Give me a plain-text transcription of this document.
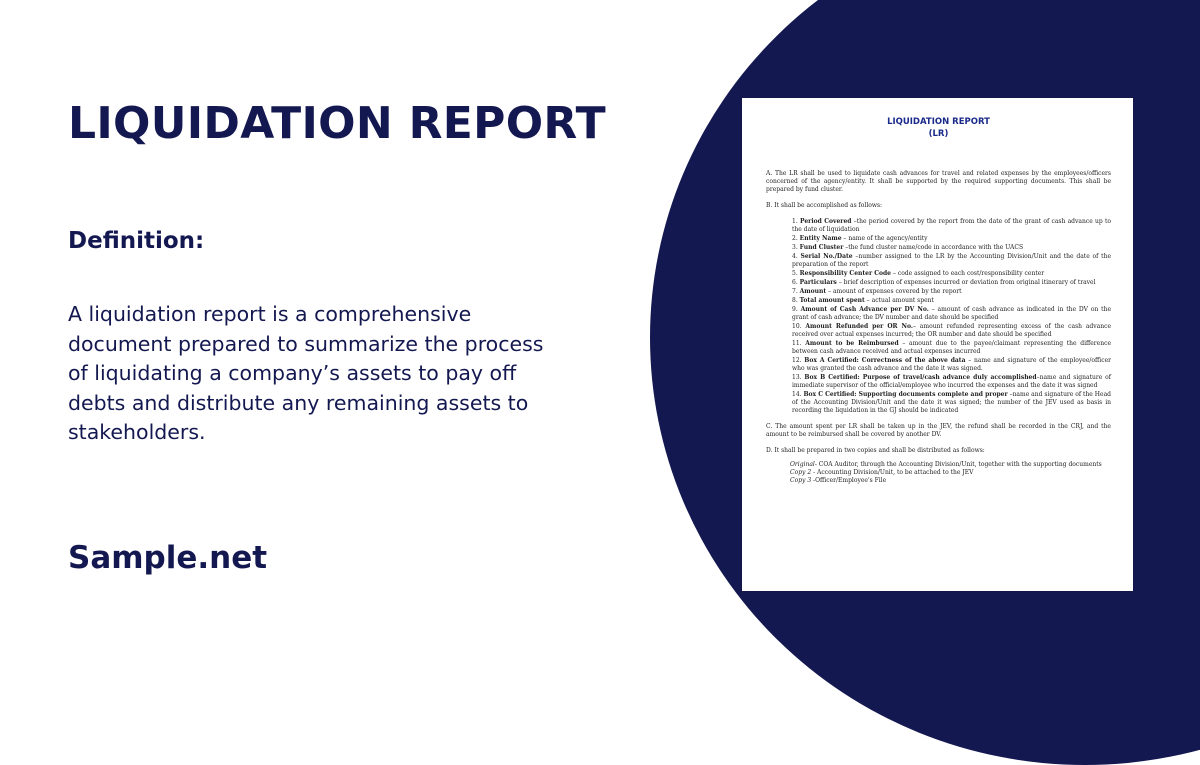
LIQUIDATION REPORT
Definition:

A liquidation report is a comprehensive document prepared to summarize the process of liquidating a company’s assets to pay off debts and distribute any remaining assets to stakeholders.

Sample.net
LIQUIDATION REPORT
(LR)

A. The LR shall be used to liquidate cash advances for travel and related expenses by the employees/officers concerned of the agency/entity. It shall be supported by the required supporting documents. This shall be prepared by fund cluster.

B. It shall be accomplished as follows:

1. Period Covered –the period covered by the report from the date of the grant of cash advance up to the date of liquidation
2. Entity Name – name of the agency/entity
3. Fund Cluster –the fund cluster name/code in accordance with the UACS
4. Serial No./Date –number assigned to the LR by the Accounting Division/Unit and the date of the preparation of the report
5. Responsibility Center Code – code assigned to each cost/responsibility center
6. Particulars – brief description of expenses incurred or deviation from original itinerary of travel
7. Amount – amount of expenses covered by the report
8. Total amount spent – actual amount spent
9. Amount of Cash Advance per DV No. – amount of cash advance as indicated in the DV on the grant of cash advance; the DV number and date should be specified
10. Amount Refunded per OR No.– amount refunded representing excess of the cash advance received over actual expenses incurred; the OR number and date should be specified
11. Amount to be Reimbursed – amount due to the payee/claimant representing the difference between cash advance received and actual expenses incurred
12. Box A Certified: Correctness of the above data – name and signature of the employee/officer who was granted the cash advance and the date it was signed.
13. Box B Certified: Purpose of travel/cash advance duly accomplished–name and signature of immediate supervisor of the official/employee who incurred the expenses and the date it was signed
14. Box C Certified: Supporting documents complete and proper –name and signature of the Head of the Accounting Division/Unit and the date it was signed; the number of the JEV used as basis in recording the liquidation in the GJ should be indicated

C. The amount spent per LR shall be taken up in the JEV, the refund shall be recorded in the CRJ, and the amount to be reimbursed shall be covered by another DV.

D. It shall be prepared in two copies and shall be distributed as follows:

Original- COA Auditor, through the Accounting Division/Unit, together with the supporting documents
Copy 2 - Accounting Division/Unit, to be attached to the JEV
Copy 3 -Officer/Employee's File
